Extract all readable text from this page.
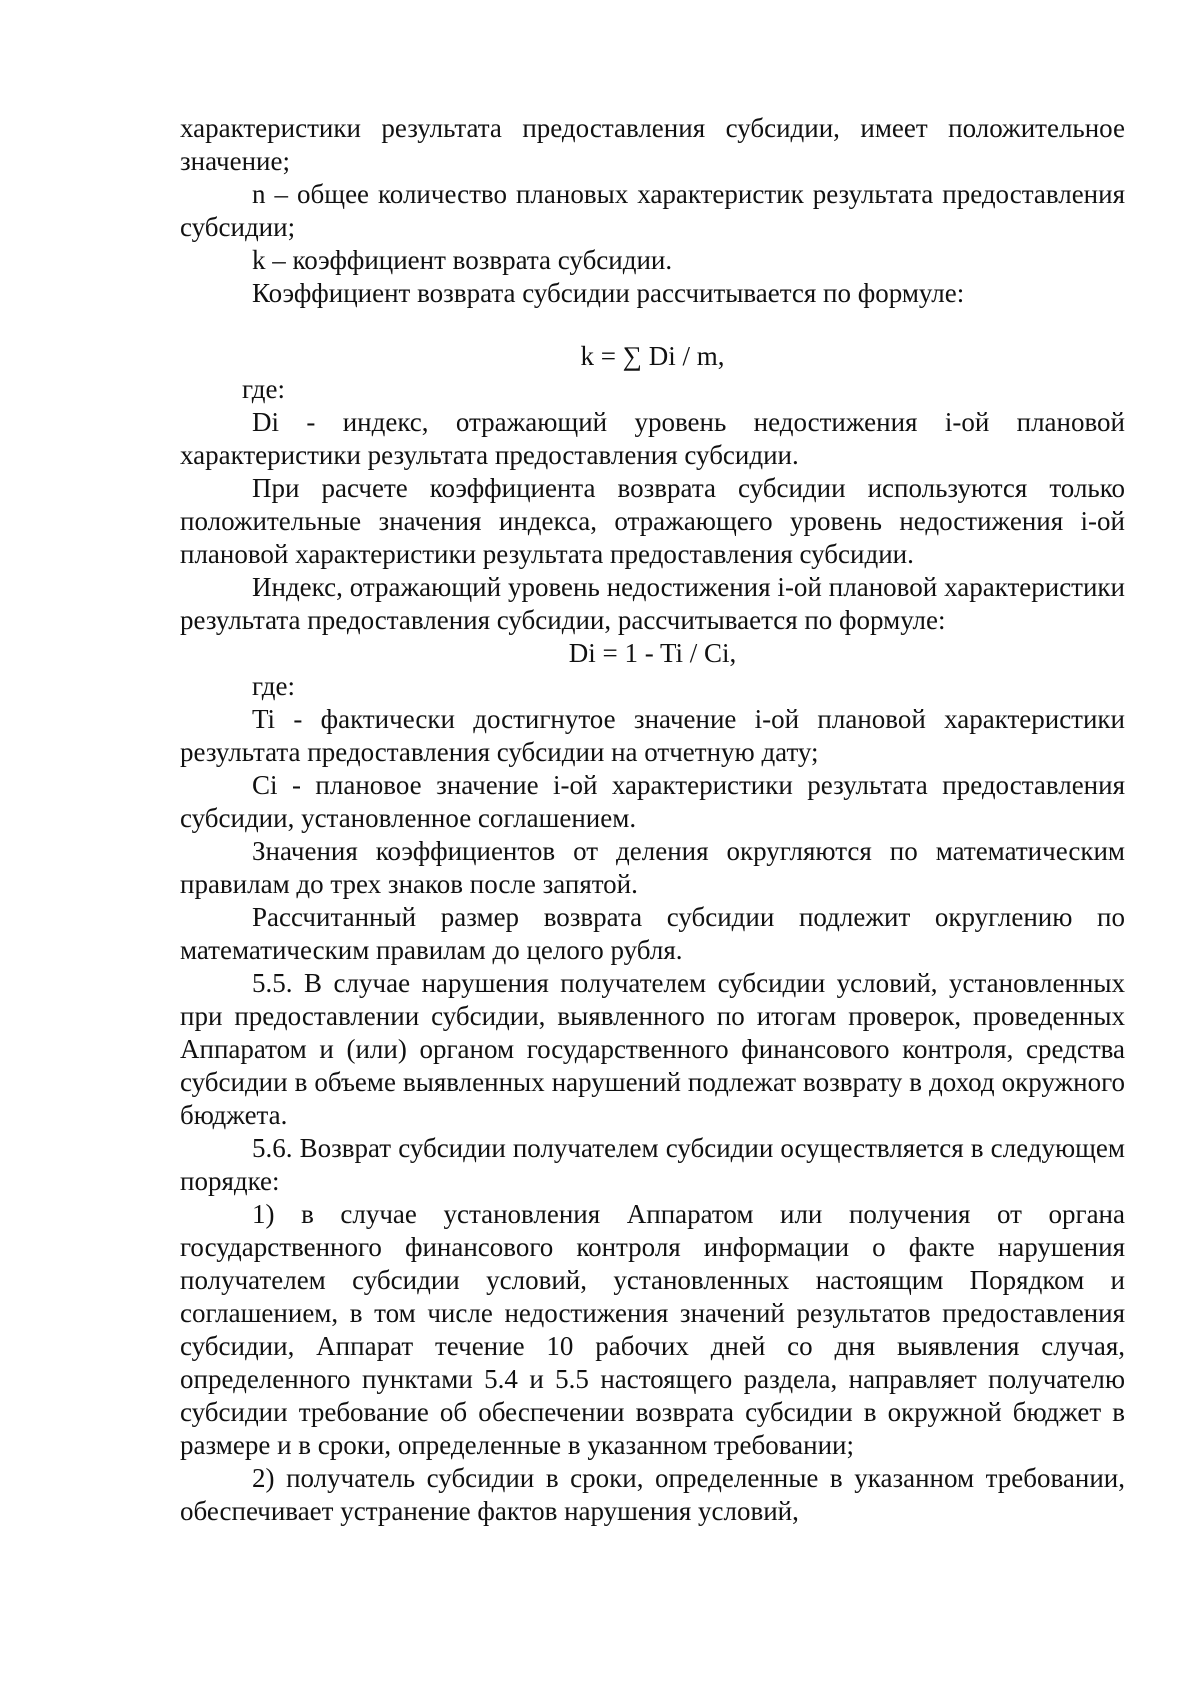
характеристики результата предоставления субсидии, имеет положительное значение;

n – общее количество плановых характеристик результата предоставления субсидии;

k – коэффициент возврата субсидии.

Коэффициент возврата субсидии рассчитывается по формуле:

k = ∑ Di / m,

где:

Di - индекс, отражающий уровень недостижения i-ой плановой характеристики результата предоставления субсидии.

При расчете коэффициента возврата субсидии используются только положительные значения индекса, отражающего уровень недостижения i-ой плановой характеристики результата предоставления субсидии.

Индекс, отражающий уровень недостижения i-ой плановой характеристики результата предоставления субсидии, рассчитывается по формуле:

Di = 1 - Ti / Ci,

где:

Ti - фактически достигнутое значение i-ой плановой характеристики результата предоставления субсидии на отчетную дату;

Ci - плановое значение i-ой характеристики результата предоставления субсидии, установленное соглашением.

Значения коэффициентов от деления округляются по математическим правилам до трех знаков после запятой.

Рассчитанный размер возврата субсидии подлежит округлению по математическим правилам до целого рубля.

5.5. В случае нарушения получателем субсидии условий, установленных при предоставлении субсидии, выявленного по итогам проверок, проведенных Аппаратом и (или) органом государственного финансового контроля, средства субсидии в объеме выявленных нарушений подлежат возврату в доход окружного бюджета.

5.6. Возврат субсидии получателем субсидии осуществляется в следующем порядке:

1) в случае установления Аппаратом или получения от органа государственного финансового контроля информации о факте нарушения получателем субсидии условий, установленных настоящим Порядком и соглашением, в том числе недостижения значений результатов предоставления субсидии, Аппарат течение 10 рабочих дней со дня выявления случая, определенного пунктами 5.4 и 5.5 настоящего раздела, направляет получателю субсидии требование об обеспечении возврата субсидии в окружной бюджет в размере и в сроки, определенные в указанном требовании;

2) получатель субсидии в сроки, определенные в указанном требовании, обеспечивает устранение фактов нарушения условий,
